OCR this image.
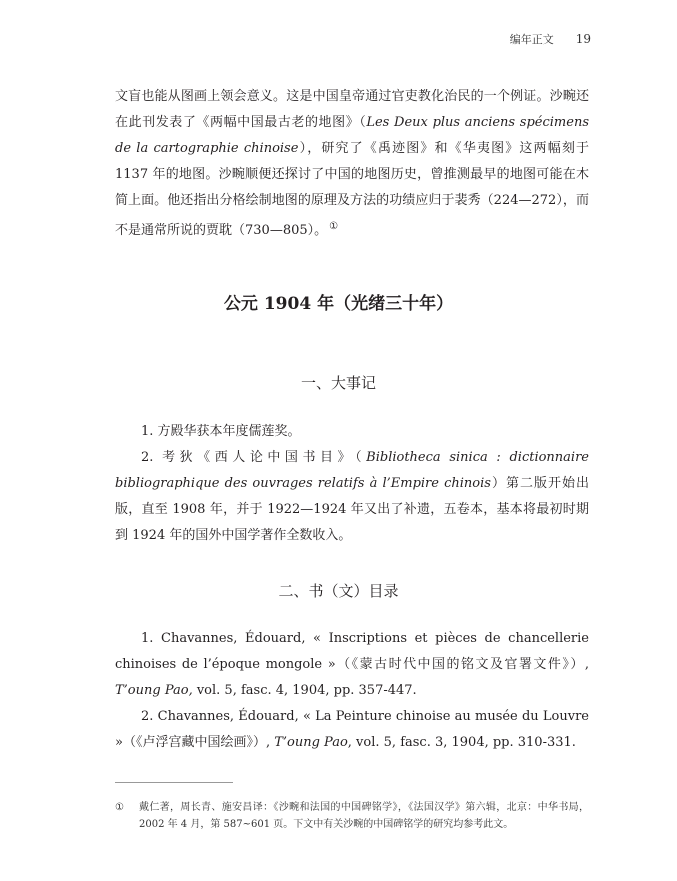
编年正文 19

文盲也能从图画上领会意义。这是中国皇帝通过官吏教化治民的一个例证。沙畹还在此刊发表了《两幅中国最古老的地图》（Les Deux plus anciens spécimens de la cartographie chinoise），研究了《禹迹图》和《华夷图》这两幅刻于 1137 年的地图。沙畹顺便还探讨了中国的地图历史，曾推测最早的地图可能在木简上面。他还指出分格绘制地图的原理及方法的功绩应归于裴秀（224—272），而不是通常所说的贾耽（730—805）。 ①

公元 1904 年（光绪三十年）
一、大事记

1. 方殿华获本年度儒莲奖。

2. 考狄《西人论中国书目》（Bibliotheca sinica : dictionnaire bibliographique des ouvrages relatifs à l’Empire chinois）第二版开始出版，直至 1908 年，并于 1922—1924 年又出了补遗，五卷本，基本将最初时期到 1924 年的国外中国学著作全数收入。

二、书（文）目录

1. Chavannes, Édouard, « Inscriptions et pièces de chancellerie chinoises de l’époque mongole »（《蒙古时代中国的铭文及官署文件》）, T’oung Pao, vol. 5, fasc. 4, 1904, pp. 357-447.

2. Chavannes, Édouard, « La Peinture chinoise au musée du Louvre »（《卢浮宫藏中国绘画》）, T’oung Pao, vol. 5, fasc. 3, 1904, pp. 310-331.

① 戴仁著，周长青、施安昌译：《沙畹和法国的中国碑铭学》，《法国汉学》第六辑，北京：中华书局，2002 年 4 月，第 587~601 页。下文中有关沙畹的中国碑铭学的研究均参考此文。
